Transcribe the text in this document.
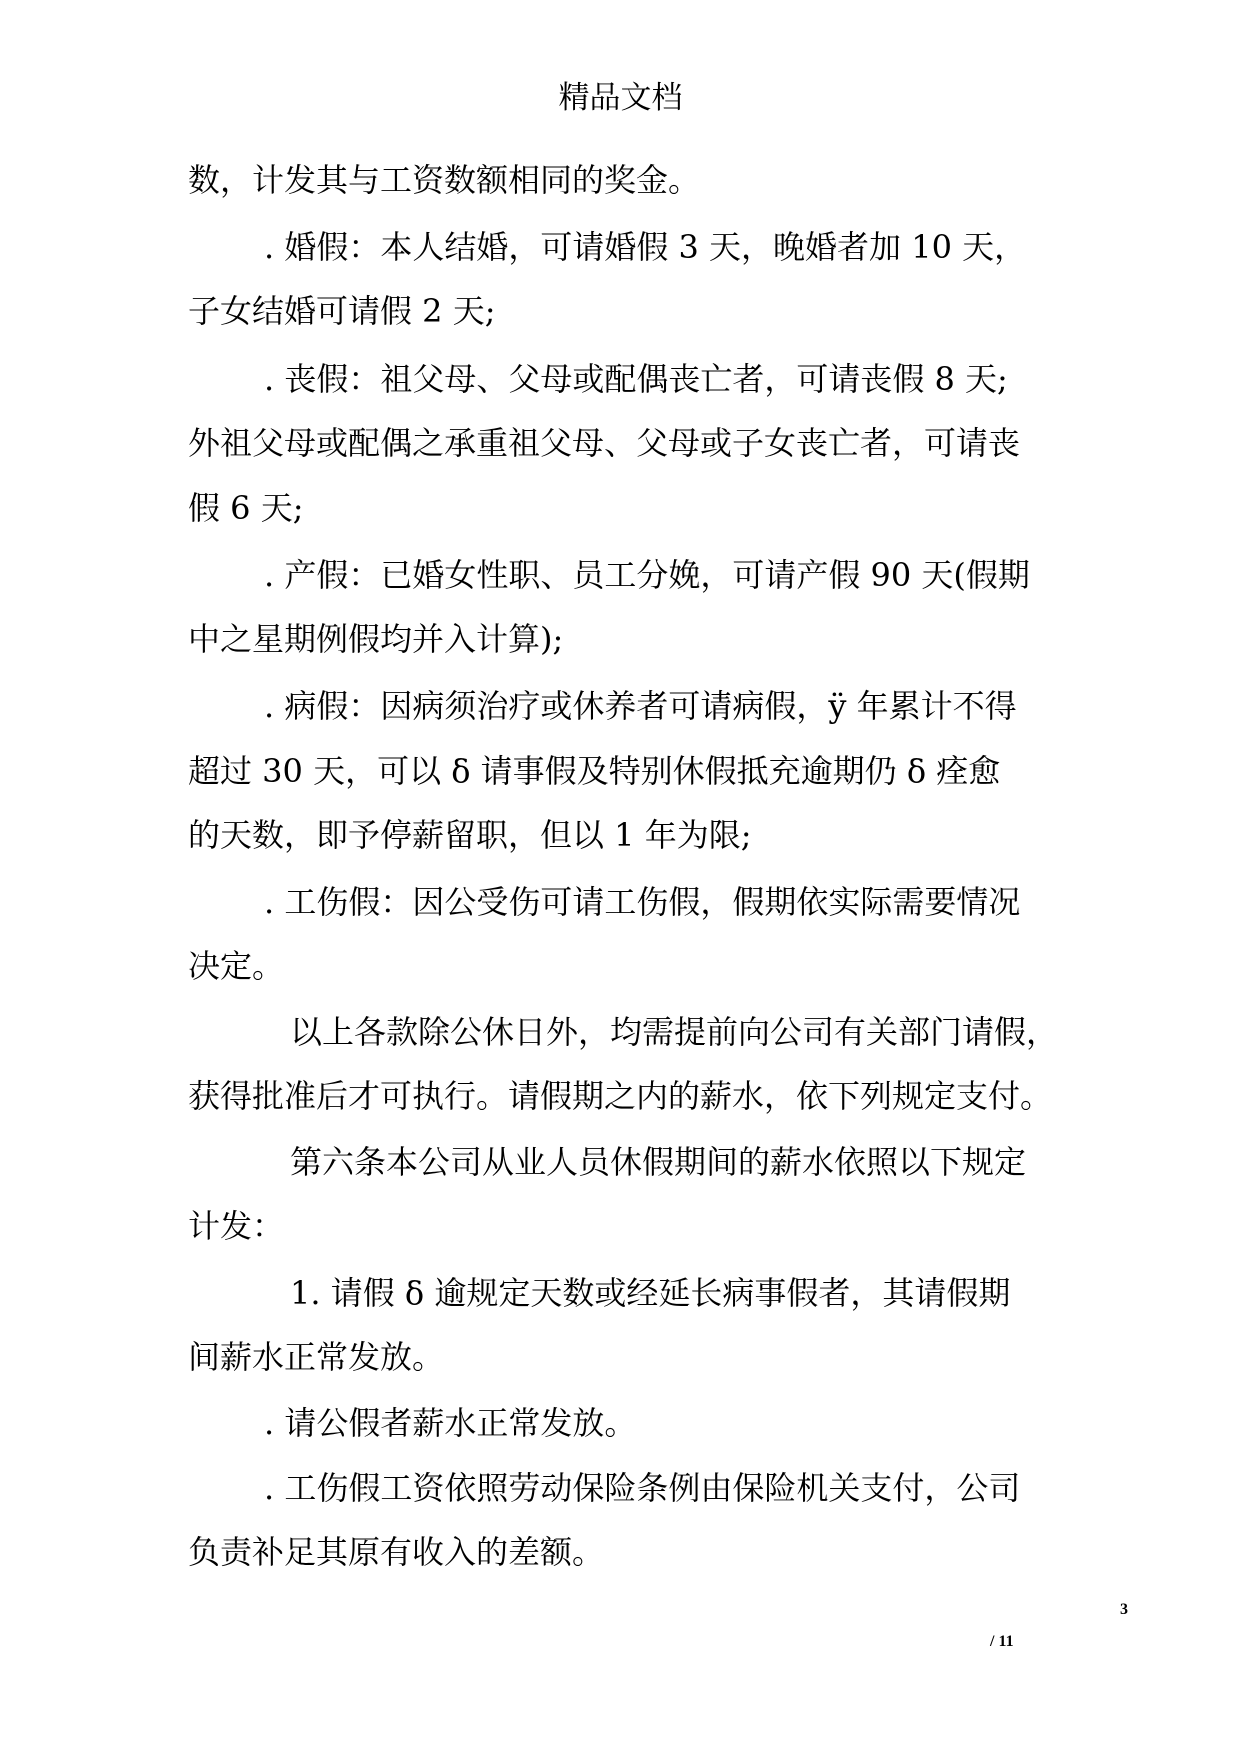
精品文档
数，计发其与工资数额相同的奖金。
. 婚假：本人结婚，可请婚假 3 天，晚婚者加 10 天，
子女结婚可请假 2 天;
. 丧假：祖父母、父母或配偶丧亡者，可请丧假 8 天;
外祖父母或配偶之承重祖父母、父母或子女丧亡者，可请丧
假 6 天;
. 产假：已婚女性职、员工分娩，可请产假 90 天(假期
中之星期例假均并入计算);
. 病假：因病须治疗或休养者可请病假，ÿ 年累计不得
超过 30 天，可以 δ 请事假及特别休假抵充逾期仍 δ 痊愈
的天数，即予停薪留职，但以 1 年为限;
. 工伤假：因公受伤可请工伤假，假期依实际需要情况
决定。
以上各款除公休日外，均需提前向公司有关部门请假，
获得批准后才可执行。请假期之内的薪水，依下列规定支付。
第六条本公司从业人员休假期间的薪水依照以下规定
计发：
1. 请假 δ 逾规定天数或经延长病事假者，其请假期
间薪水正常发放。
. 请公假者薪水正常发放。
. 工伤假工资依照劳动保险条例由保险机关支付，公司
负责补足其原有收入的差额。
3
/ 11
